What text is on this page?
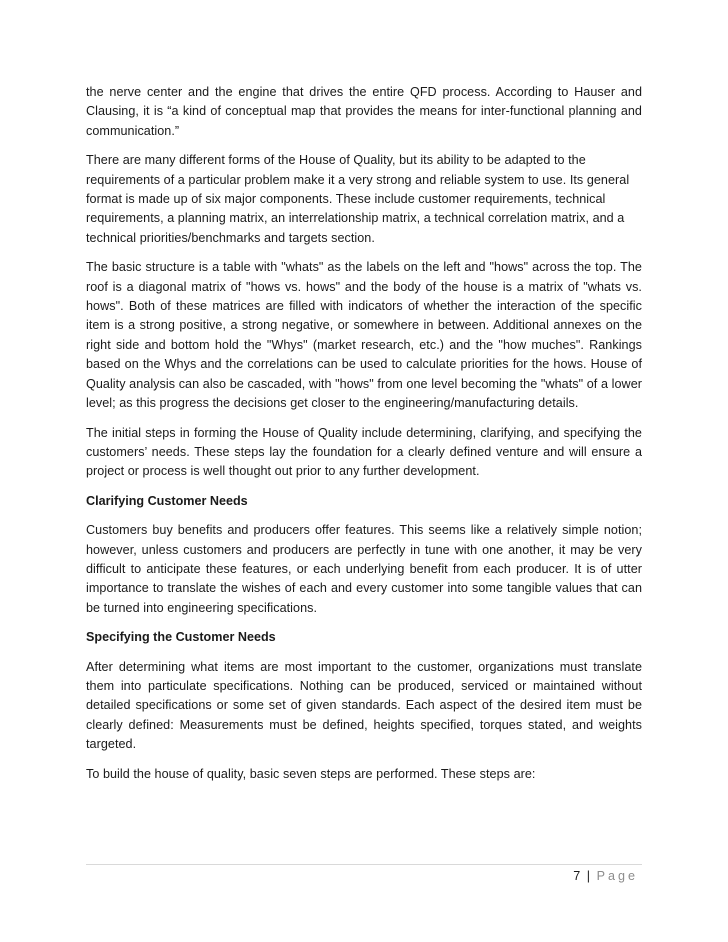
the nerve center and the engine that drives the entire QFD process. According to Hauser and Clausing, it is “a kind of conceptual map that provides the means for inter-functional planning and communication.”

There are many different forms of the House of Quality, but its ability to be adapted to the requirements of a particular problem make it a very strong and reliable system to use. Its general format is made up of six major components. These include customer requirements, technical requirements, a planning matrix, an interrelationship matrix, a technical correlation matrix, and a technical priorities/benchmarks and targets section.

The basic structure is a table with "whats" as the labels on the left and "hows" across the top. The roof is a diagonal matrix of "hows vs. hows" and the body of the house is a matrix of "whats vs. hows". Both of these matrices are filled with indicators of whether the interaction of the specific item is a strong positive, a strong negative, or somewhere in between. Additional annexes on the right side and bottom hold the "Whys" (market research, etc.) and the "how muches". Rankings based on the Whys and the correlations can be used to calculate priorities for the hows. House of Quality analysis can also be cascaded, with "hows" from one level becoming the "whats" of a lower level; as this progress the decisions get closer to the engineering/manufacturing details.

The initial steps in forming the House of Quality include determining, clarifying, and specifying the customers’ needs. These steps lay the foundation for a clearly defined venture and will ensure a project or process is well thought out prior to any further development.

Clarifying Customer Needs

Customers buy benefits and producers offer features. This seems like a relatively simple notion; however, unless customers and producers are perfectly in tune with one another, it may be very difficult to anticipate these features, or each underlying benefit from each producer. It is of utter importance to translate the wishes of each and every customer into some tangible values that can be turned into engineering specifications.

Specifying the Customer Needs

After determining what items are most important to the customer, organizations must translate them into particulate specifications. Nothing can be produced, serviced or maintained without detailed specifications or some set of given standards. Each aspect of the desired item must be clearly defined: Measurements must be defined, heights specified, torques stated, and weights targeted.

To build the house of quality, basic seven steps are performed. These steps are:

7 | Page
